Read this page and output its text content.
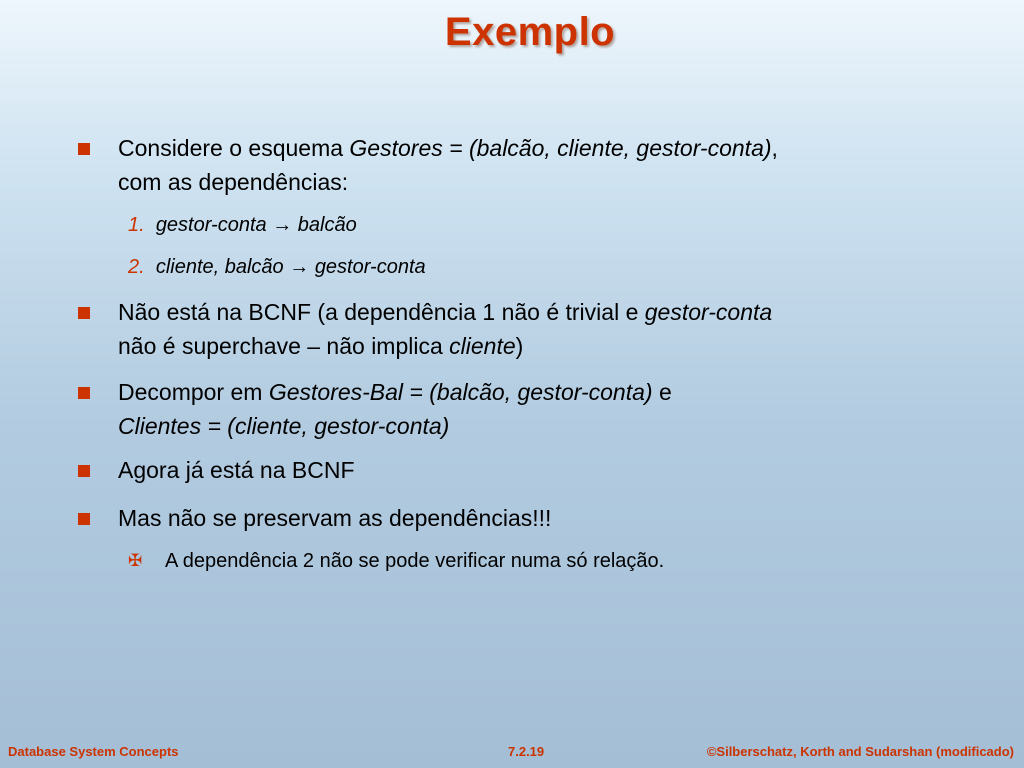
Exemplo
Considere o esquema Gestores = (balcão, cliente, gestor-conta),
com as dependências:
1. gestor-conta → balcão
2. cliente, balcão → gestor-conta
Não está na BCNF (a dependência 1 não é trivial e gestor-conta
não é superchave – não implica cliente)
Decompor em Gestores-Bal = (balcão, gestor-conta) e
Clientes = (cliente, gestor-conta)
Agora já está na BCNF
Mas não se preservam as dependências!!!
✠ A dependência 2 não se pode verificar numa só relação.
Database System Concepts	7.2.19	©Silberschatz, Korth and Sudarshan (modificado)
